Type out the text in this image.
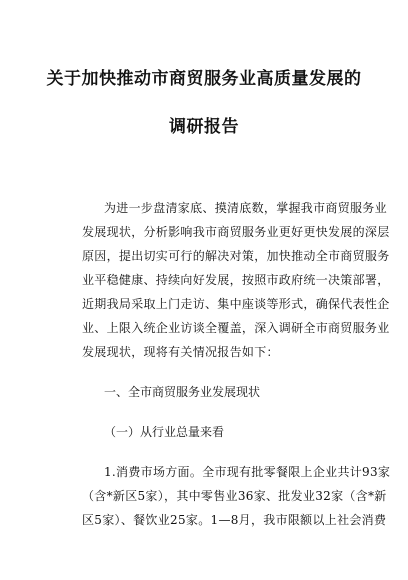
关于加快推动市商贸服务业高质量发展的
调研报告
为进一步盘清家底、摸清底数，掌握我市商贸服务业
发展现状，分析影响我市商贸服务业更好更快发展的深层
原因，提出切实可行的解决对策，加快推动全市商贸服务
业平稳健康、持续向好发展，按照市政府统一决策部署，
近期我局采取上门走访、集中座谈等形式，确保代表性企
业、上限入统企业访谈全覆盖，深入调研全市商贸服务业
发展现状，现将有关情况报告如下：
一、全市商贸服务业发展现状
（一）从行业总量来看
1.消费市场方面。全市现有批零餐限上企业共计93家
（含*新区5家），其中零售业36家、批发业32家（含*新
区5家）、餐饮业25家。1—8月，我市限额以上社会消费
